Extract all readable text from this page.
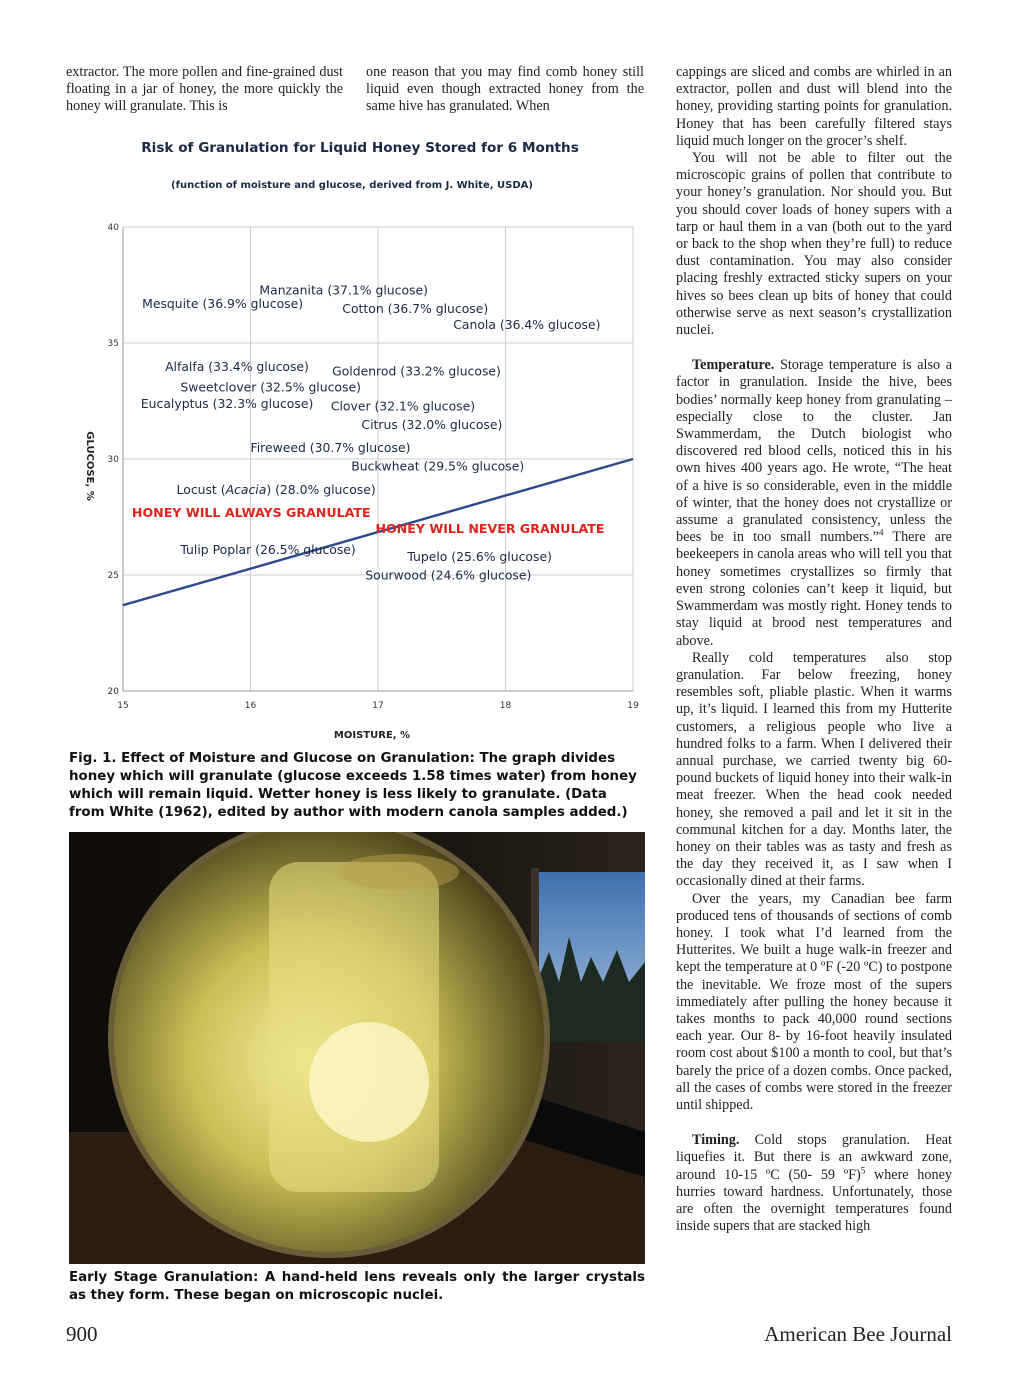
extractor. The more pollen and fine-grained dust floating in a jar of honey, the more quickly the honey will granulate. This is

one reason that you may find comb honey still liquid even though extracted honey from the same hive has granulated. When

cappings are sliced and combs are whirled in an extractor, pollen and dust will blend into the honey, providing starting points for granulation. Honey that has been carefully filtered stays liquid much longer on the grocer’s shelf.

You will not be able to filter out the microscopic grains of pollen that contribute to your honey’s granulation. Nor should you. But you should cover loads of honey supers with a tarp or haul them in a van (both out to the yard or back to the shop when they’re full) to reduce dust contamination. You may also consider placing freshly extracted sticky supers on your hives so bees clean up bits of honey that could otherwise serve as next season’s crystallization nuclei.

Temperature. Storage temperature is also a factor in granulation. Inside the hive, bees bodies’ normally keep honey from granulating – especially close to the cluster. Jan Swammerdam, the Dutch biologist who discovered red blood cells, noticed this in his own hives 400 years ago. He wrote, “The heat of a hive is so considerable, even in the middle of winter, that the honey does not crystallize or assume a granulated consistency, unless the bees be in too small numbers.”$^4$ There are beekeepers in canola areas who will tell you that honey sometimes crystallizes so firmly that even strong colonies can’t keep it liquid, but Swammerdam was mostly right. Honey tends to stay liquid at brood nest temperatures and above.

Really cold temperatures also stop granulation. Far below freezing, honey resembles soft, pliable plastic. When it warms up, it’s liquid. I learned this from my Hutterite customers, a religious people who live a hundred folks to a farm. When I delivered their annual purchase, we carried twenty big 60-pound buckets of liquid honey into their walk-in meat freezer. When the head cook needed honey, she removed a pail and let it sit in the communal kitchen for a day. Months later, the honey on their tables was as tasty and fresh as the day they received it, as I saw when I occasionally dined at their farms.

Over the years, my Canadian bee farm produced tens of thousands of sections of comb honey. I took what I’d learned from the Hutterites. We built a huge walk-in freezer and kept the temperature at 0 ºF (-20 ºC) to postpone the inevitable. We froze most of the supers immediately after pulling the honey because it takes months to pack 40,000 round sections each year. Our 8- by 16-foot heavily insulated room cost about $100 a month to cool, but that’s barely the price of a dozen combs. Once packed, all the cases of combs were stored in the freezer until shipped.

Timing. Cold stops granulation. Heat liquefies it. But there is an awkward zone, around 10-15 ºC (50- 59 ºF)$^5$ where honey hurries toward hardness. Unfortunately, those are often the overnight temperatures found inside supers that are stacked high

Risk of Granulation for Liquid Honey Stored for 6 Months
(function of moisture and glucose, derived from J. White, USDA)
20
25
30
35
40
15	16	17	18	19
MOISTURE, %
GLUCOSE, %
Manzanita (37.1% glucose)
Mesquite (36.9% glucose)	Cotton (36.7% glucose)
Canola (36.4% glucose)
Alfalfa (33.4% glucose) Goldenrod (33.2% glucose)
Sweetclover (32.5% glucose)
Eucalyptus (32.3% glucose) Clover (32.1% glucose)
Citrus (32.0% glucose)
Fireweed (30.7% glucose)
Buckwheat (29.5% glucose)
Locust (Acacia) (28.0% glucose)
Tulip Poplar (26.5% glucose)	Tupelo (25.6% glucose)
Sourwood (24.6% glucose)
HONEY WILL ALWAYS GRANULATE
HONEY WILL NEVER GRANULATE
Fig. 1. Effect of Moisture and Glucose on Granulation: The graph divides honey which will granulate (glucose exceeds 1.58 times water) from honey which will remain liquid. Wetter honey is less likely to granulate. (Data from White (1962), edited by author with modern canola samples added.)
Early Stage Granulation: A hand-held lens reveals only the larger crystals as they form. These began on microscopic nuclei.
900	American Bee Journal
